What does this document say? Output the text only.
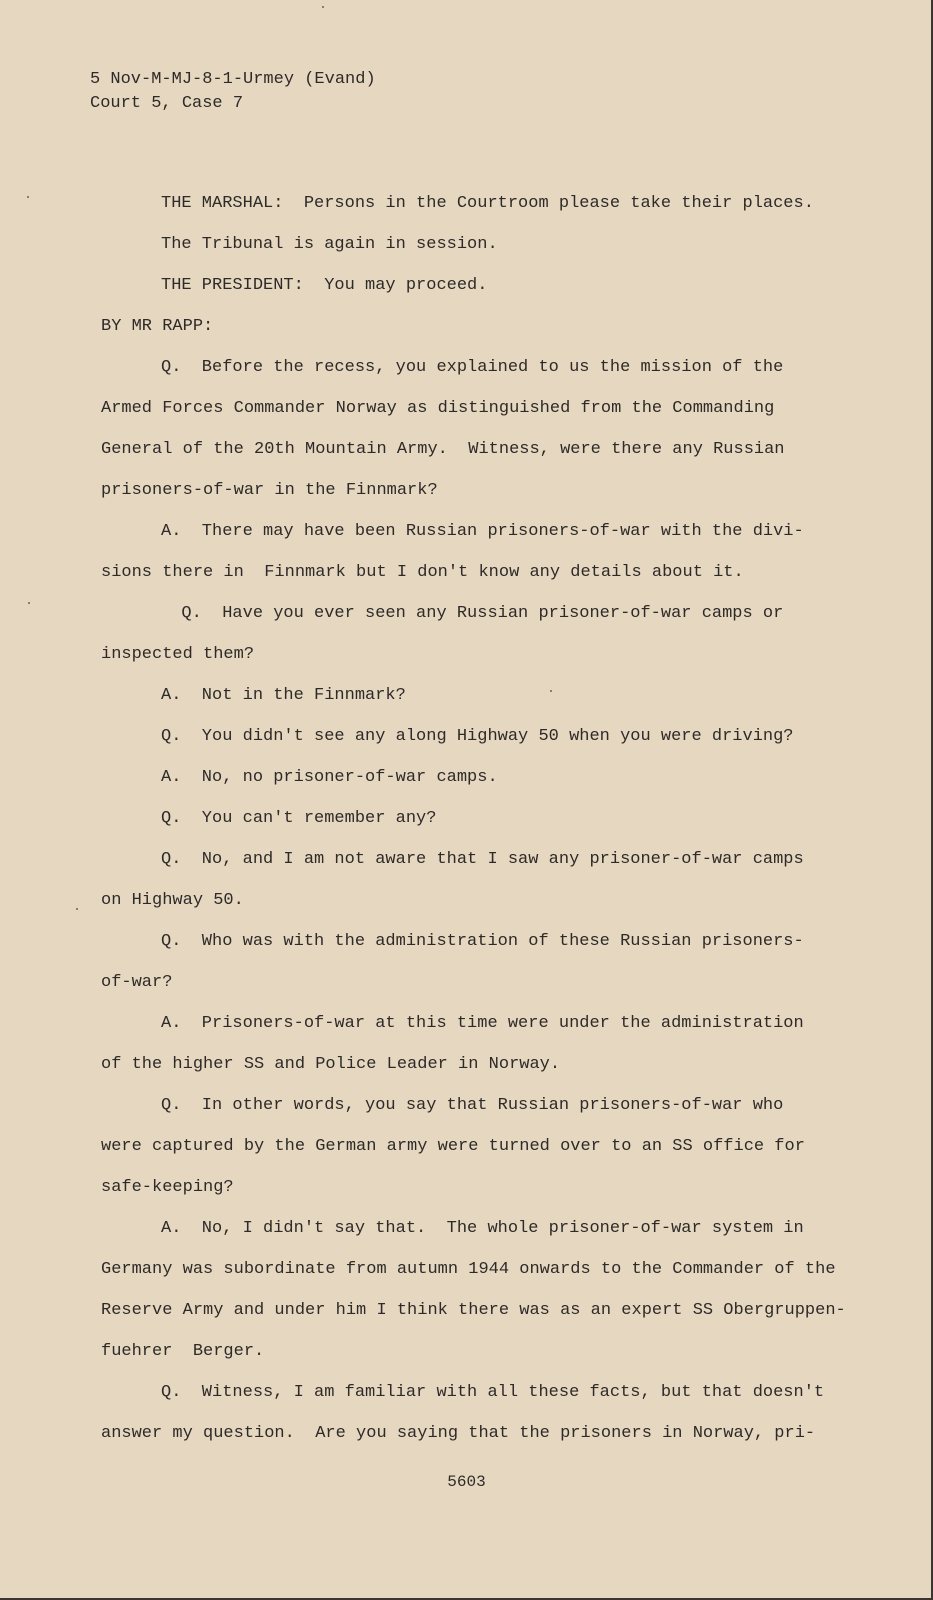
5 Nov-M-MJ-8-1-Urmey (Evand)
Court 5, Case 7
THE MARSHAL:  Persons in the Courtroom please take their places.
The Tribunal is again in session.
THE PRESIDENT:  You may proceed.
BY MR RAPP:
Q.  Before the recess, you explained to us the mission of the
Armed Forces Commander Norway as distinguished from the Commanding
General of the 20th Mountain Army.  Witness, were there any Russian
prisoners-of-war in the Finnmark?
A.  There may have been Russian prisoners-of-war with the divi-
sions there in  Finnmark but I don't know any details about it.
Q.  Have you ever seen any Russian prisoner-of-war camps or
inspected them?
A.  Not in the Finnmark?
Q.  You didn't see any along Highway 50 when you were driving?
A.  No, no prisoner-of-war camps.
Q.  You can't remember any?
Q.  No, and I am not aware that I saw any prisoner-of-war camps
on Highway 50.
Q.  Who was with the administration of these Russian prisoners-
of-war?
A.  Prisoners-of-war at this time were under the administration
of the higher SS and Police Leader in Norway.
Q.  In other words, you say that Russian prisoners-of-war who
were captured by the German army were turned over to an SS office for
safe-keeping?
A.  No, I didn't say that.  The whole prisoner-of-war system in
Germany was subordinate from autumn 1944 onwards to the Commander of the
Reserve Army and under him I think there was as an expert SS Obergruppen-
fuehrer  Berger.
Q.  Witness, I am familiar with all these facts, but that doesn't
answer my question.  Are you saying that the prisoners in Norway, pri-
5603
